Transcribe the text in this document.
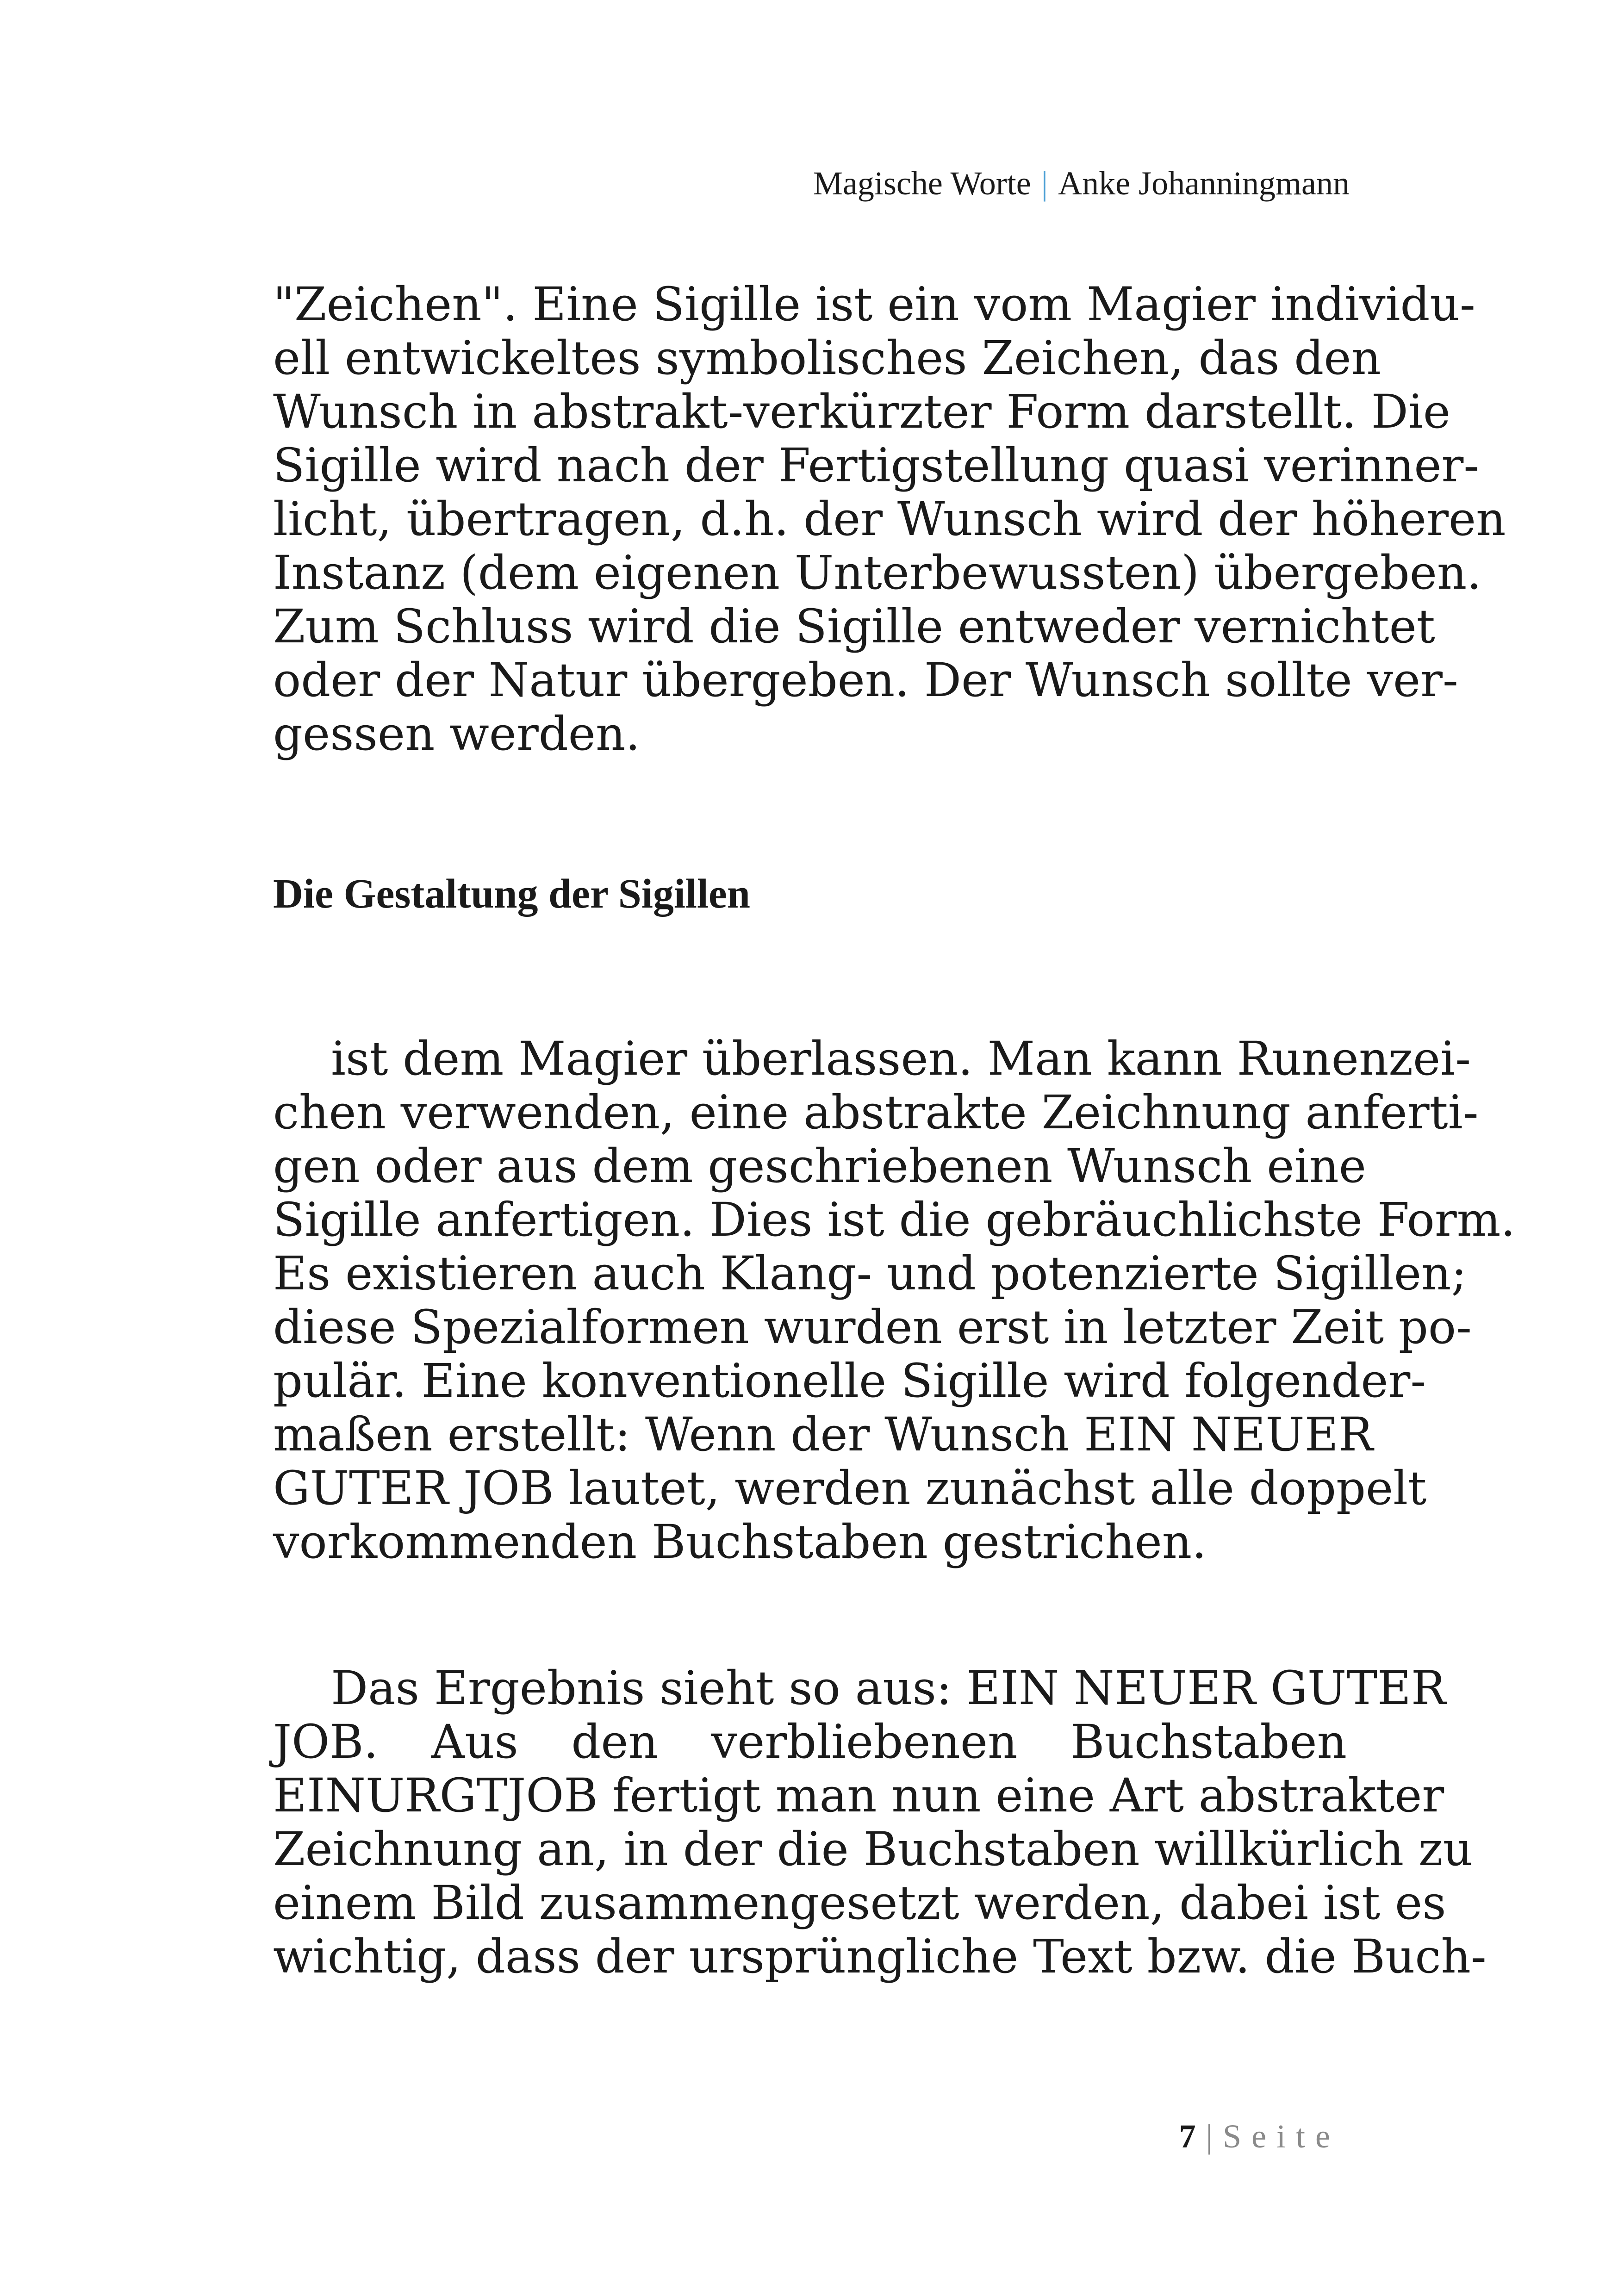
Magische Worte | Anke Johanningmann
"Zeichen". Eine Sigille ist ein vom Magier individu-
ell entwickeltes symbolisches Zeichen, das den
Wunsch in abstrakt-verkürzter Form darstellt. Die
Sigille wird nach der Fertigstellung quasi verinner-
licht, übertragen, d.h. der Wunsch wird der höheren
Instanz (dem eigenen Unterbewussten) übergeben.
Zum Schluss wird die Sigille entweder vernichtet
oder der Natur übergeben. Der Wunsch sollte ver-
gessen werden.
Die Gestaltung der Sigillen
ist dem Magier überlassen. Man kann Runenzei-
chen verwenden, eine abstrakte Zeichnung anferti-
gen oder aus dem geschriebenen Wunsch eine
Sigille anfertigen. Dies ist die gebräuchlichste Form.
Es existieren auch Klang- und potenzierte Sigillen;
diese Spezialformen wurden erst in letzter Zeit po-
pulär. Eine konventionelle Sigille wird folgender-
maßen erstellt: Wenn der Wunsch EIN NEUER
GUTER JOB lautet, werden zunächst alle doppelt
vorkommenden Buchstaben gestrichen.
Das Ergebnis sieht so aus: EIN NEUER GUTER
JOB. Aus den verbliebenen Buchstaben
EINURGTJOB fertigt man nun eine Art abstrakter
Zeichnung an, in der die Buchstaben willkürlich zu
einem Bild zusammengesetzt werden, dabei ist es
wichtig, dass der ursprüngliche Text bzw. die Buch-
7 | Seite
